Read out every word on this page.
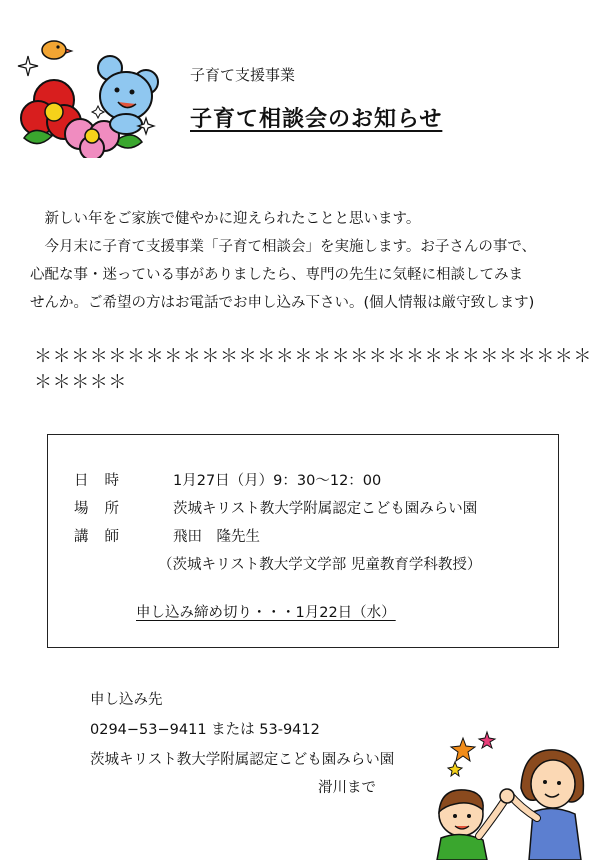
子育て支援事業
子育て相談会のお知らせ

　新しい年をご家族で健やかに迎えられたことと思います。

　今月末に子育て支援事業「子育て相談会」を実施します。お子さんの事で、

心配な事・迷っている事がありましたら、専門の先生に気軽に相談してみま

せんか。ご希望の方はお電話でお申し込み下さい。(個人情報は厳守致します)

＊＊＊＊＊＊＊＊＊＊＊＊＊＊＊＊＊＊＊＊＊＊＊＊＊＊＊＊＊＊＊＊＊＊＊
日時	1月27日（月）9：30～12：00
場所	茨城キリスト教大学附属認定こども園みらい園
講師	飛田　隆先生
（茨城キリスト教大学文学部 児童教育学科教授）
申し込み締め切り・・・1月22日（水）
申し込み先
0294−53−9411 または 53-9412
茨城キリスト教大学附属認定こども園みらい園
滑川まで
